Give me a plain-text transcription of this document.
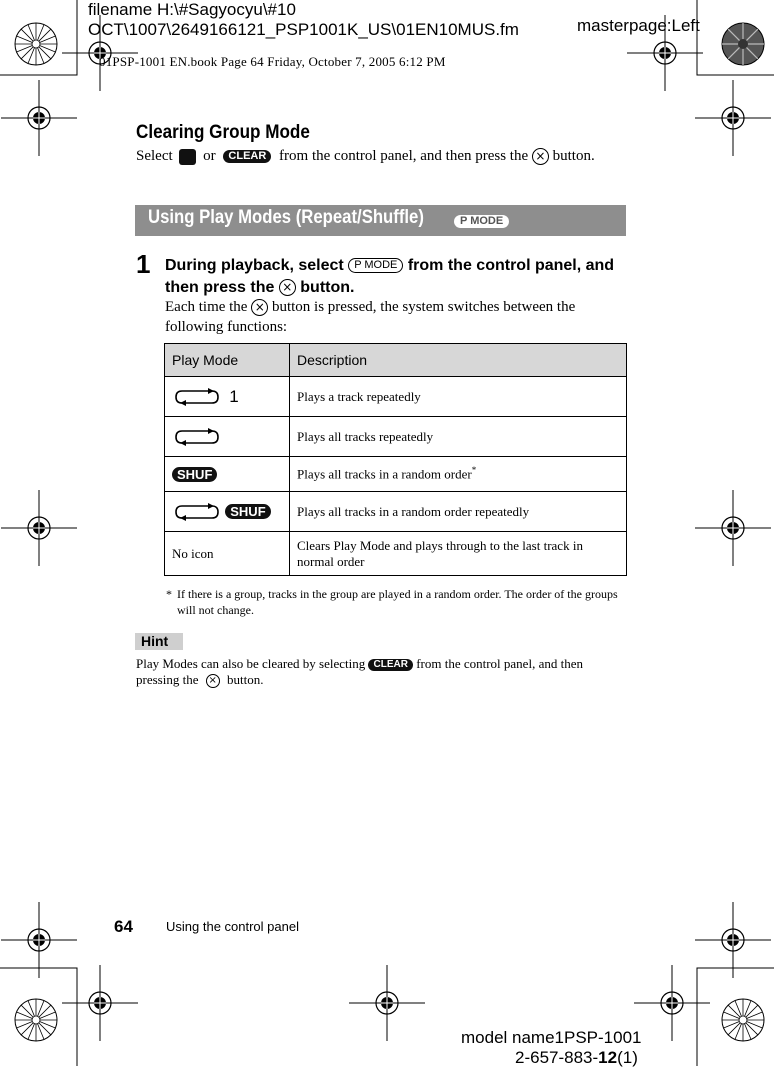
filename H:\#Sagyocyu\#10
OCT\1007\2649166121_PSP1001K_US\01EN10MUS.fm	masterpage:Left
01PSP-1001 EN.book Page 64 Friday, October 7, 2005 6:12 PM
Clearing Group Mode
Select or CLEAR from the control panel, and then press the × button.
Using Play Modes (Repeat/Shuffle)	P MODE
1 During playback, select P MODE from the control panel, and then press the × button.
Each time the × button is pressed, the system switches between the following functions:
Play Mode	Description
1	Plays a track repeatedly
	Plays all tracks repeatedly
SHUF	Plays all tracks in a random order*
SHUF	Plays all tracks in a random order repeatedly
No icon	Clears Play Mode and plays through to the last track in normal order
* If there is a group, tracks in the group are played in a random order. The order of the groups will not change.
Hint
Play Modes can also be cleared by selecting CLEAR from the control panel, and then pressing the × button.
64	Using the control panel
model name1PSP-1001
2-657-883-12(1)
